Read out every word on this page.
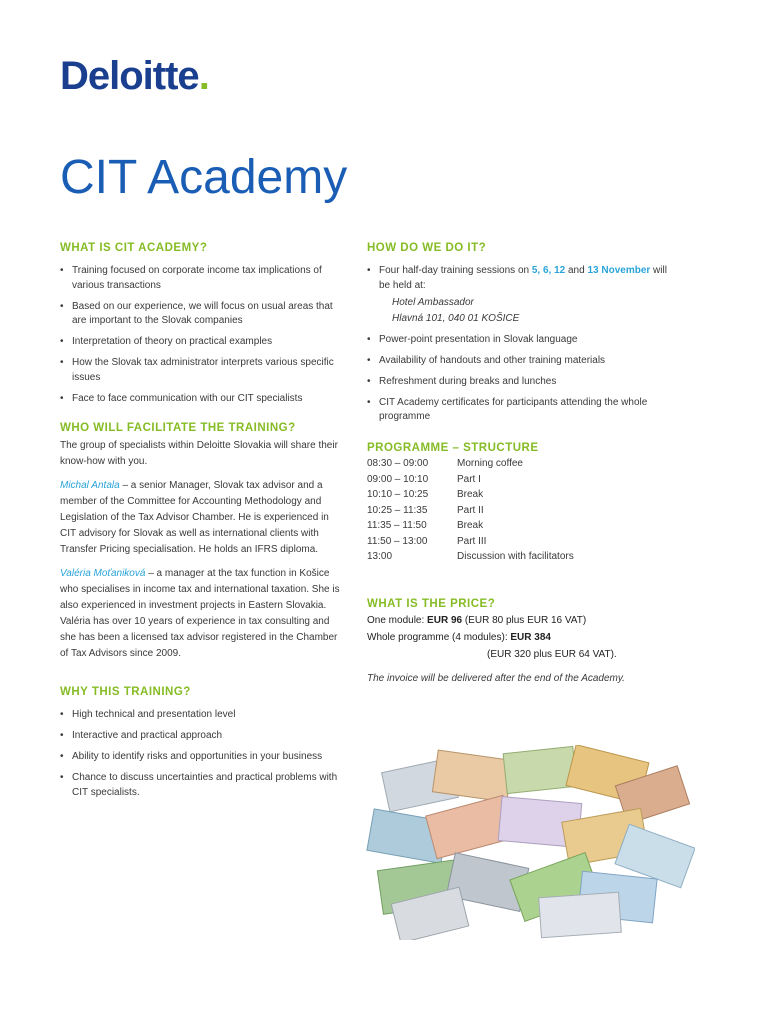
Deloitte.
CIT Academy
WHAT IS CIT ACADEMY?
• Training focused on corporate income tax implications of various transactions
• Based on our experience, we will focus on usual areas that are important to the Slovak companies
• Interpretation of theory on practical examples
• How the Slovak tax administrator interprets various specific issues
• Face to face communication with our CIT specialists
HOW DO WE DO IT?
• Four half-day training sessions on 5, 6, 12 and 13 November will be held at:
Hotel Ambassador
Hlavná 101, 040 01 KOŠICE
• Power-point presentation in Slovak language
• Availability of handouts and other training materials
• Refreshment during breaks and lunches
• CIT Academy certificates for participants attending the whole programme
WHO WILL FACILITATE THE TRAINING?

The group of specialists within Deloitte Slovakia will share their know-how with you.

Michal Antala – a senior Manager, Slovak tax advisor and a member of the Committee for Accounting Methodology and Legislation of the Tax Advisor Chamber. He is experienced in CIT advisory for Slovak as well as international clients with Transfer Pricing specialisation. He holds an IFRS diploma.

Valéria Moťaniková – a manager at the tax function in Košice who specialises in income tax and international taxation. She is also experienced in investment projects in Eastern Slovakia. Valéria has over 10 years of experience in tax consulting and she has been a licensed tax advisor registered in the Chamber of Tax Advisors since 2009.

PROGRAMME – STRUCTURE
08:30 – 09:00	Morning coffee
09:00 – 10:10	Part I
10:10 – 10:25	Break
10:25 – 11:35	Part II
11:35 – 11:50	Break
11:50 – 13:00	Part III
13:00	Discussion with facilitators
WHAT IS THE PRICE?
One module: EUR 96 (EUR 80 plus EUR 16 VAT)
Whole programme (4 modules): EUR 384
(EUR 320 plus EUR 64 VAT).
The invoice will be delivered after the end of the Academy.
WHY THIS TRAINING?
• High technical and presentation level
• Interactive and practical approach
• Ability to identify risks and opportunities in your business
• Chance to discuss uncertainties and practical problems with CIT specialists.
